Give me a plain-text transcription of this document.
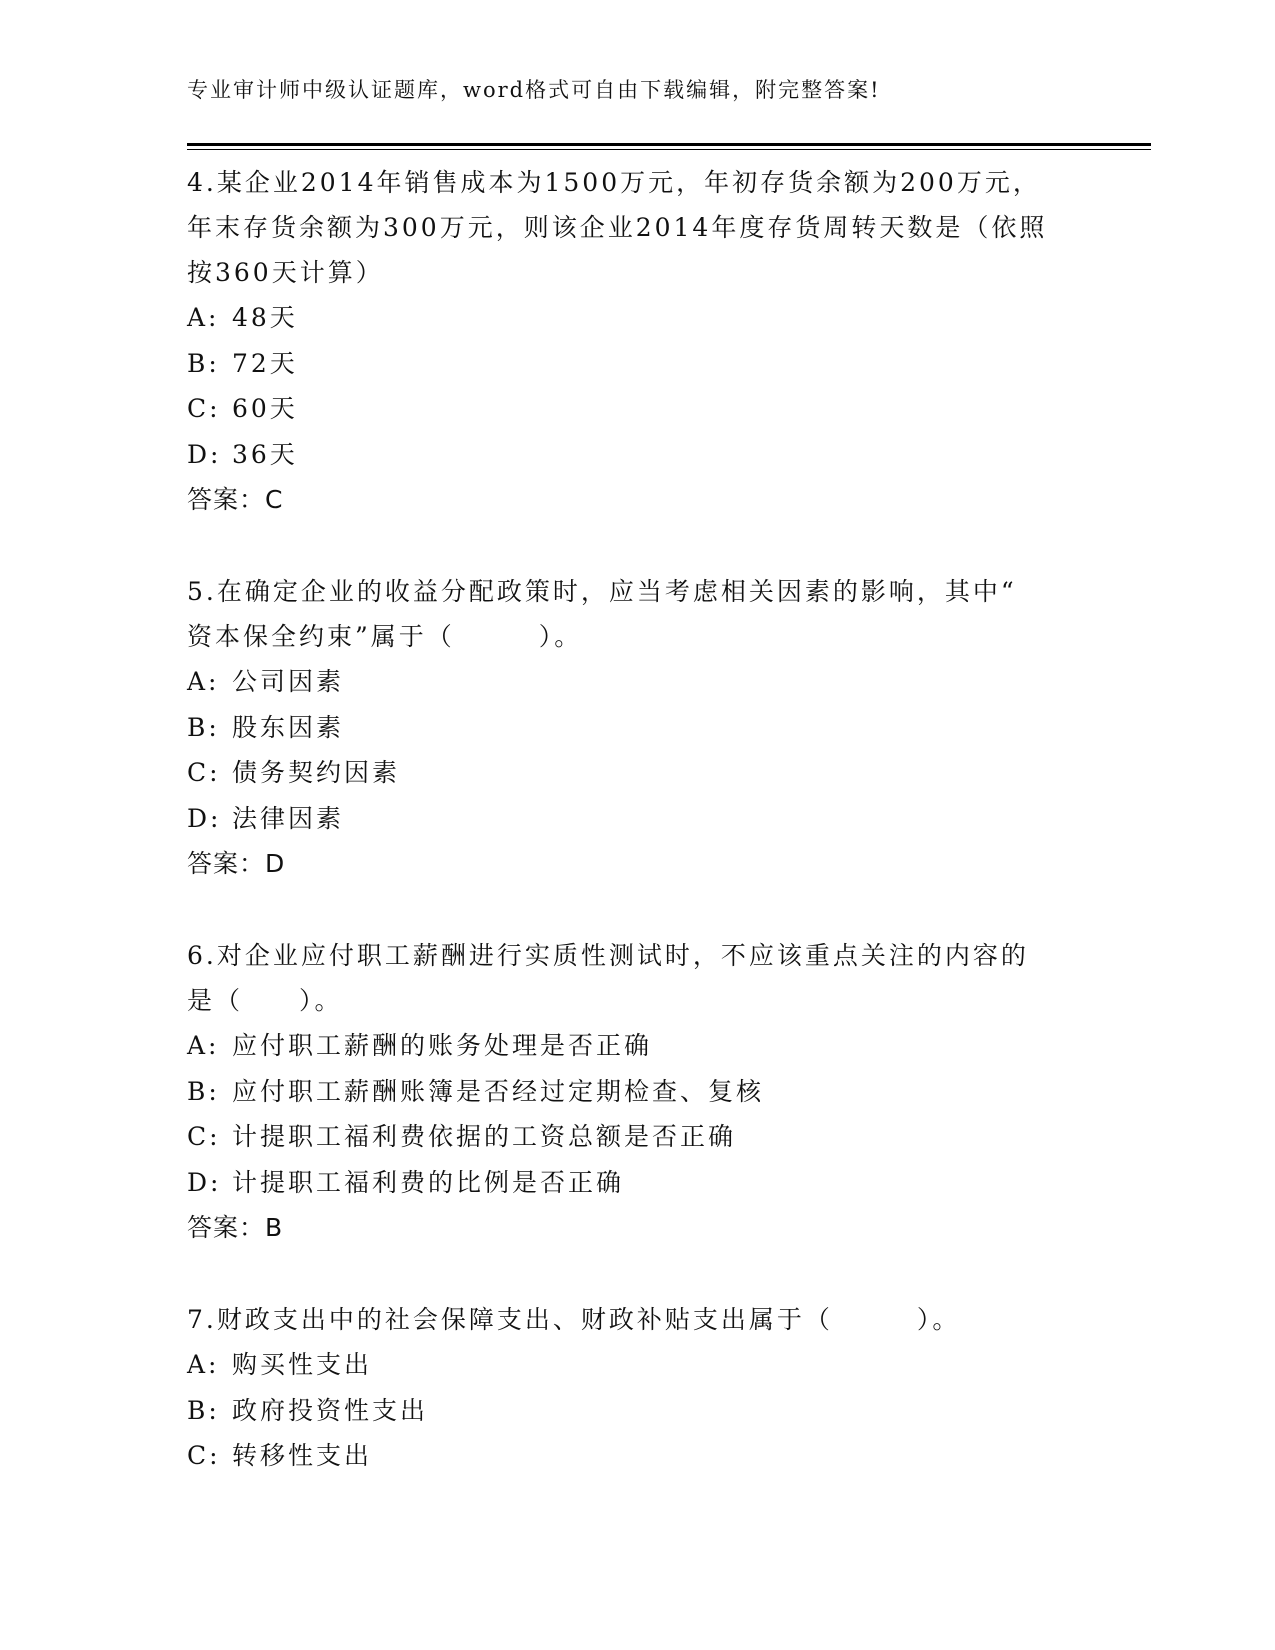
专业审计师中级认证题库，word格式可自由下载编辑，附完整答案!

4.某企业2014年销售成本为1500万元，年初存货余额为200万元，

年末存货余额为300万元，则该企业2014年度存货周转天数是（依照

按360天计算）

A: 48天

B: 72天

C: 60天

D: 36天

答案：C

5.在确定企业的收益分配政策时，应当考虑相关因素的影响，其中“

资本保全约束”属于（　　　）。

A: 公司因素

B: 股东因素

C: 债务契约因素

D: 法律因素

答案：D

6.对企业应付职工薪酬进行实质性测试时，不应该重点关注的内容的

是（　　）。

A: 应付职工薪酬的账务处理是否正确

B: 应付职工薪酬账簿是否经过定期检查、复核

C: 计提职工福利费依据的工资总额是否正确

D: 计提职工福利费的比例是否正确

答案：B

7.财政支出中的社会保障支出、财政补贴支出属于（　　　）。

A: 购买性支出

B: 政府投资性支出

C: 转移性支出
